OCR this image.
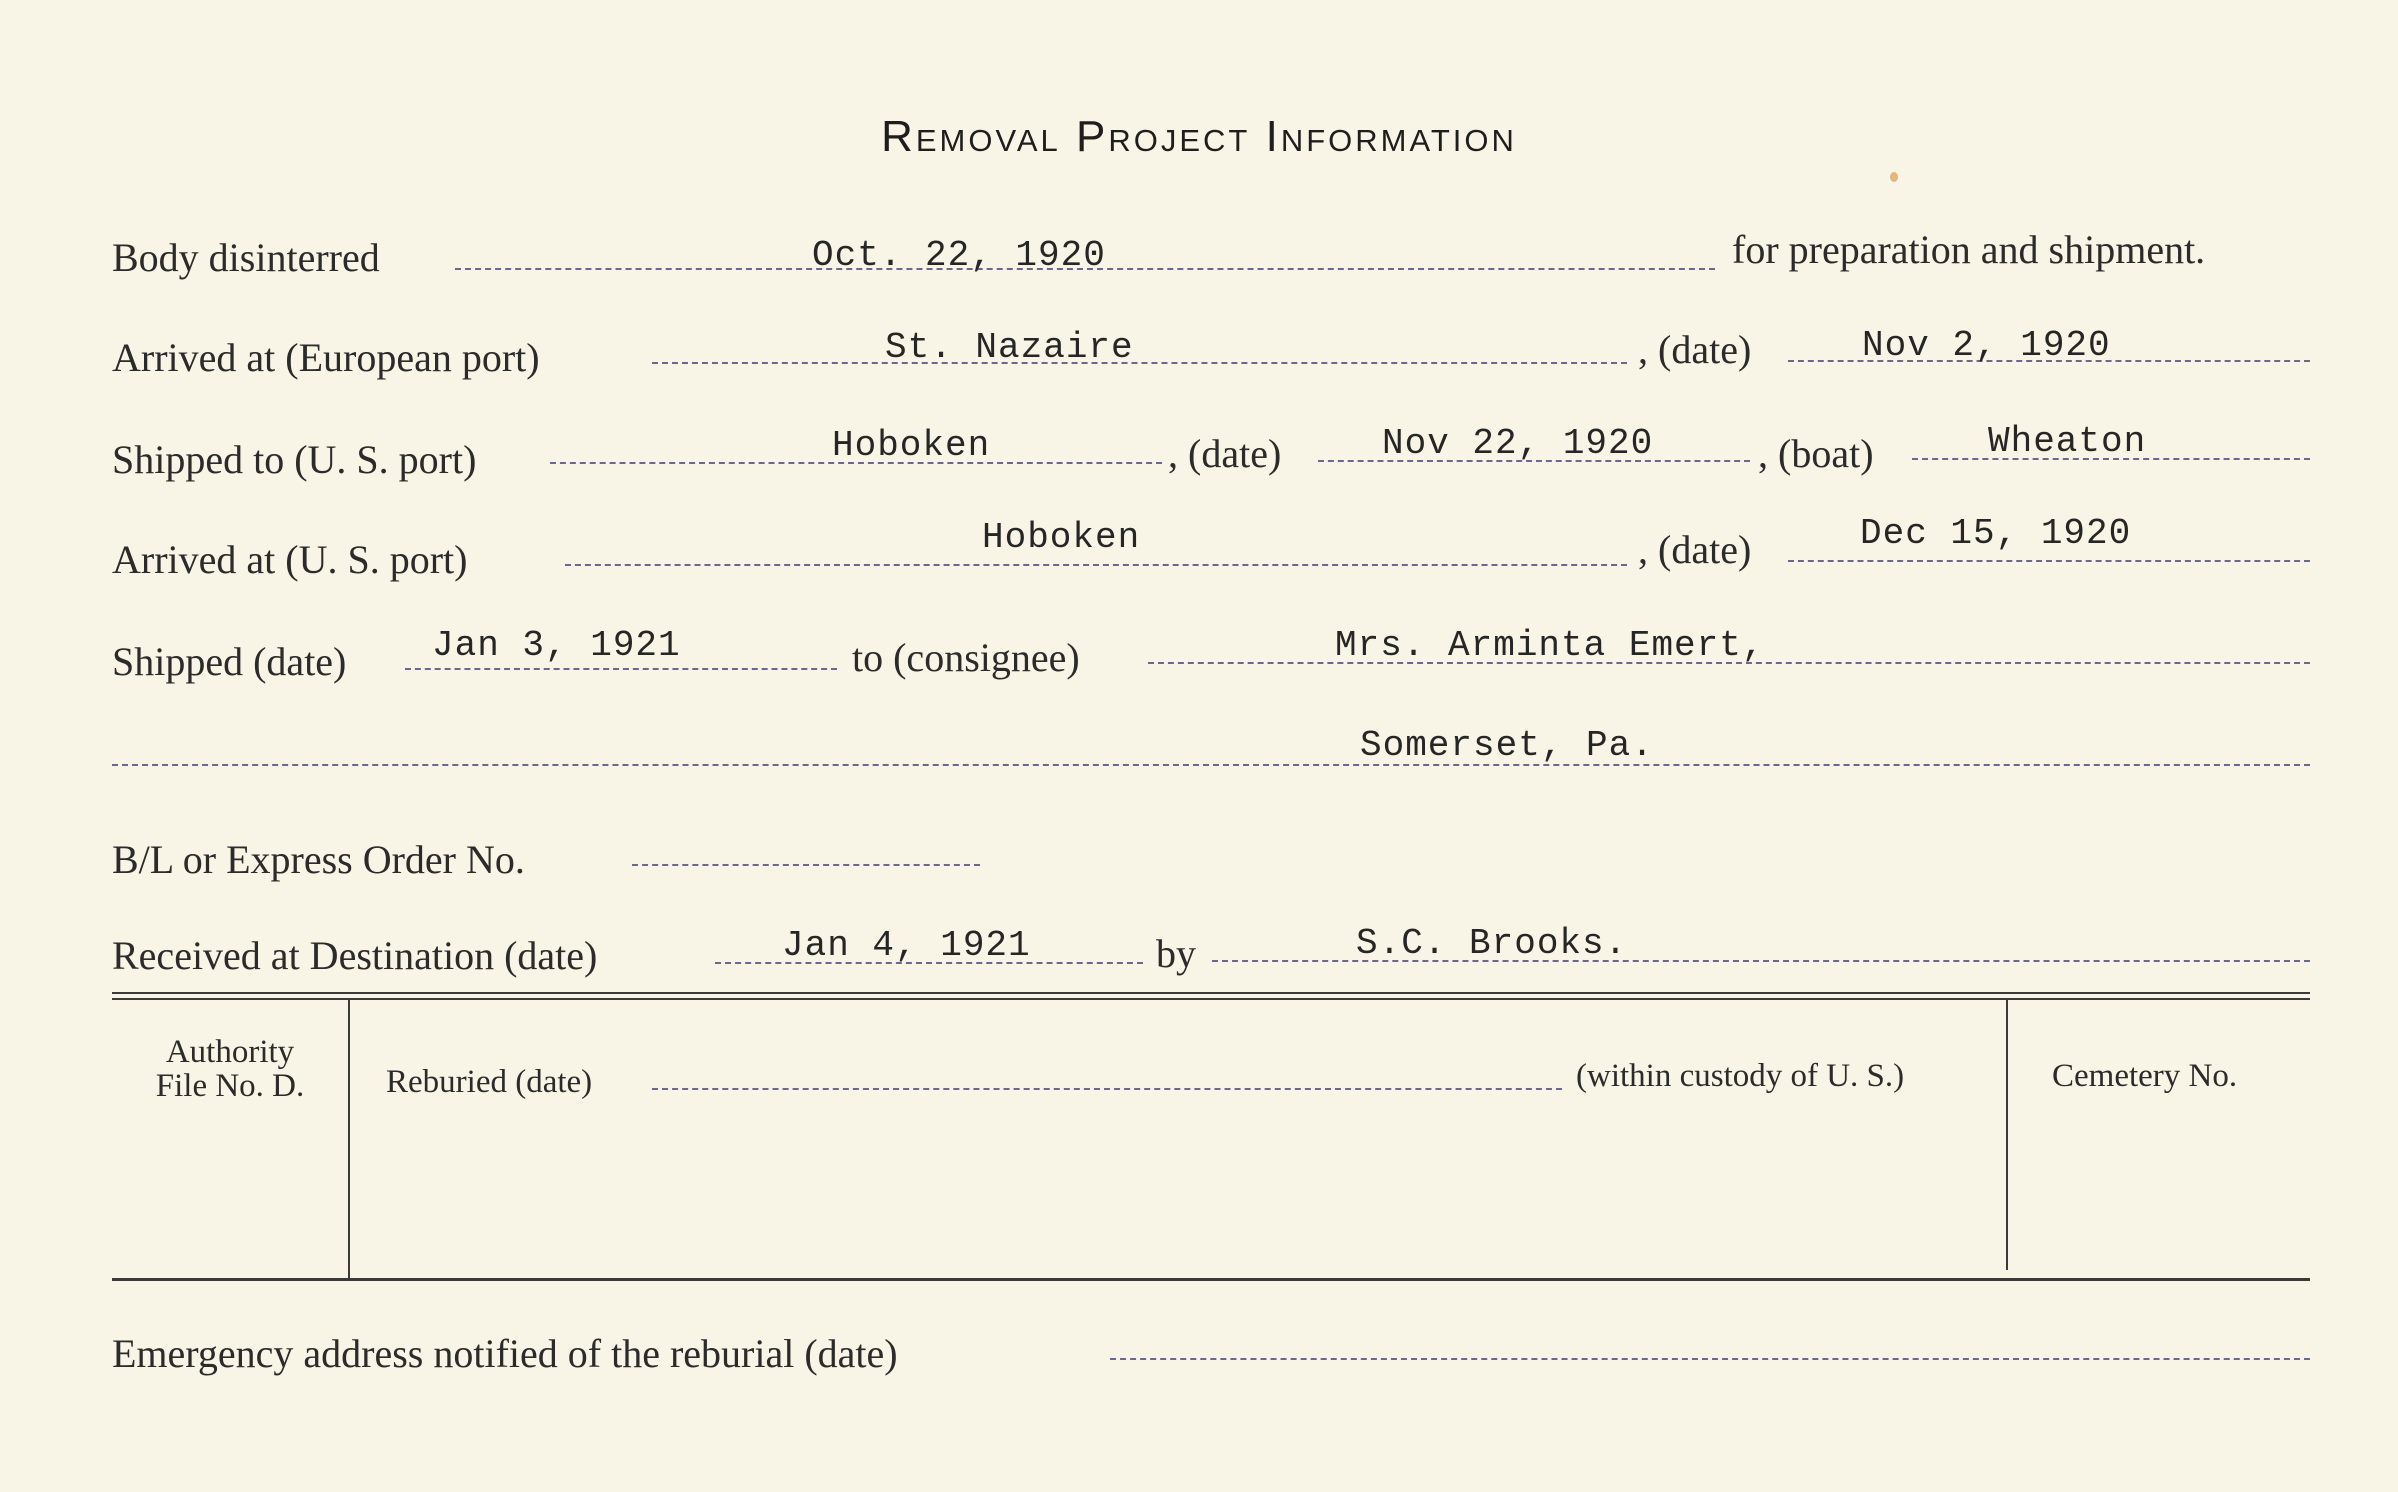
Removal Project Information
Body disinterred	Oct. 22, 1920	for preparation and shipment.
Arrived at (European port)	St. Nazaire	, (date)	Nov 2, 1920
Shipped to (U. S. port)	Hoboken	, (date)	Nov 22, 1920	, (boat)	Wheaton
Arrived at (U. S. port)	Hoboken	, (date)	Dec 15, 1920
Shipped (date) Jan 3, 1921	to (consignee)	Mrs. Arminta Emert,
Somerset, Pa.
B/L or Express Order No.
Received at Destination (date)	Jan 4, 1921	by	S.C. Brooks.
Authority
File No. D.	Reburied (date)	(within custody of U. S.)	Cemetery No.
Emergency address notified of the reburial (date)
